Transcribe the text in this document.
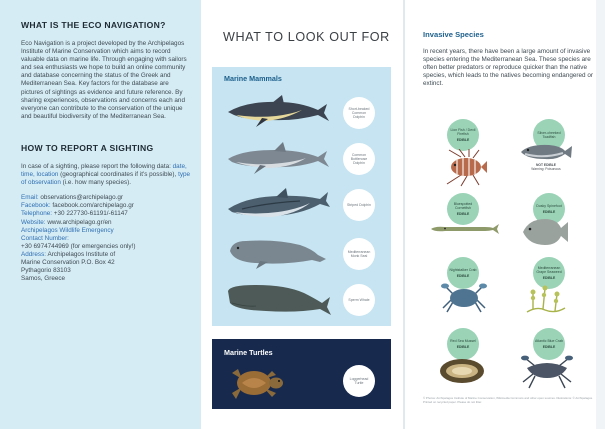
WHAT IS THE ECO NAVIGATION?

Eco Navigation is a project developed by the Archipelagos Institute of Marine Conservation which aims to record valuable data on marine life. Through engaging with sailors and sea enthusiasts we hope to build an online community and database concerning the status of the Greek and Mediterranean Sea. Key factors for the database are pictures of sightings as evidence and future reference. By sharing experiences, observations and concerns each and everyone can contribute to the conservation of the unique and beautiful biodiversity of the Mediterranean Sea.

HOW TO REPORT A SIGHTING

In case of a sighting, please report the following data: date, time, location (geographical coordinates if it's possible), type of observation (i.e. how many species).

Email: observations@archipelago.gr
Facebook: facebook.com/archipelago.gr
Telephone: +30 227730-61191/-61147
Website: www.archipelago.gr/en
Archipelagos Wildlife Emergency
Contact Number:
+30 6974744969 (for emergencies only!)
Address: Archipelagos Institute of
Marine Conservation P.O. Box 42
Pythagorio 83103
Samos, Greece
WHAT TO LOOK OUT FOR
Marine Mammals
Short-beaked Common Dolphin
Common Bottlenose Dolphin
Striped Dolphin
Mediterranean Monk Seal
Sperm Whale
Marine Turtles
Loggerhead Turtle
Invasive Species
In recent years, there have been a large amount of invasive species entering the Mediterranean Sea. These species are often better predators or reproduce quicker than the native species, which leads to the natives becoming endangered or extinct.
Lion Fish / Devil Firefish
EDIBLE
Silver-cheeked Toadfish
NOT EDIBLE
Warning: Poisonous
Bluespotted Cornetfish
EDIBLE
Dusky Spinefoot
EDIBLE
Nightstalker Crab
EDIBLE
Mediterranean Grape Seaweed
EDIBLE
Red Sea Mussel
EDIBLE
Atlantic Blue Crab
EDIBLE
© Photos: Archipelagos Institute of Marine Conservation, Wikimedia Commons and other open sources. Illustrations: © Archipelagos. Printed on recycled paper. Please do not litter.
